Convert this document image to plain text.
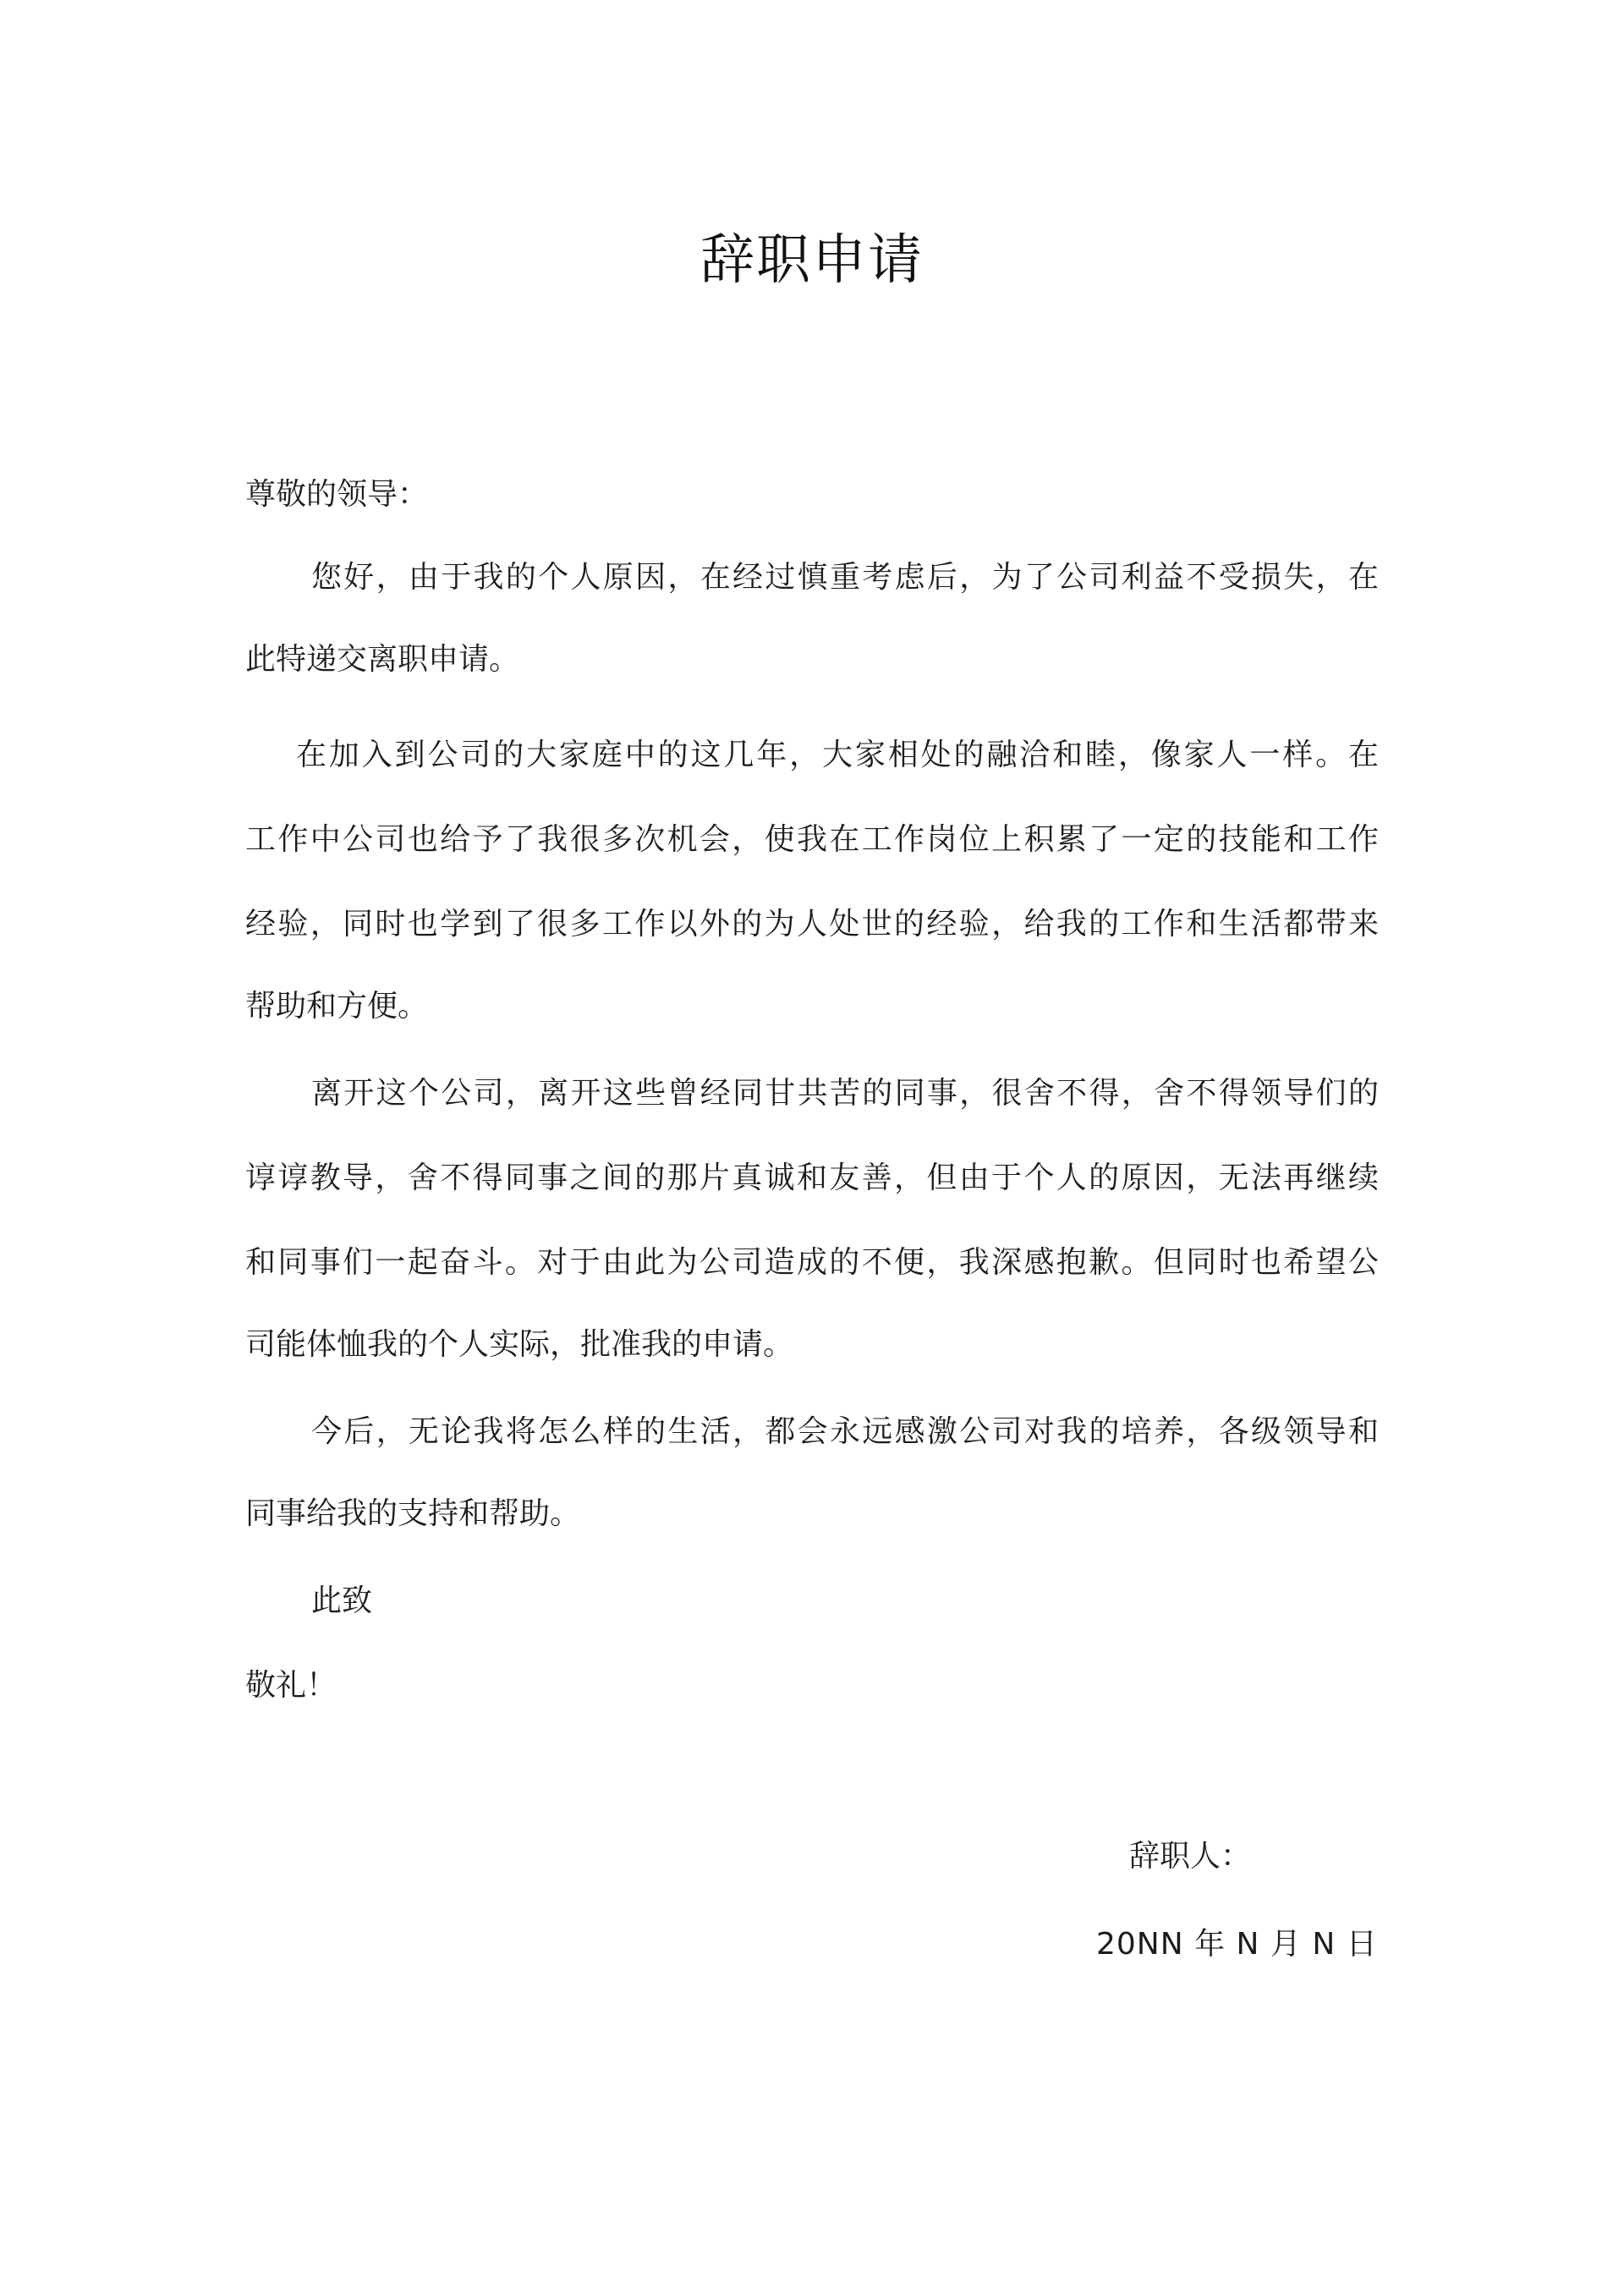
辞职申请
尊敬的领导：
您好，由于我的个人原因，在经过慎重考虑后，为了公司利益不受损失，在
此特递交离职申请。
在加入到公司的大家庭中的这几年，大家相处的融洽和睦，像家人一样。在
工作中公司也给予了我很多次机会，使我在工作岗位上积累了一定的技能和工作
经验，同时也学到了很多工作以外的为人处世的经验，给我的工作和生活都带来
帮助和方便。
离开这个公司，离开这些曾经同甘共苦的同事，很舍不得，舍不得领导们的
谆谆教导，舍不得同事之间的那片真诚和友善，但由于个人的原因，无法再继续
和同事们一起奋斗。对于由此为公司造成的不便，我深感抱歉。但同时也希望公
司能体恤我的个人实际，批准我的申请。
今后，无论我将怎么样的生活，都会永远感激公司对我的培养，各级领导和
同事给我的支持和帮助。
此致
敬礼！
辞职人：
20NN 年 N 月 N 日
